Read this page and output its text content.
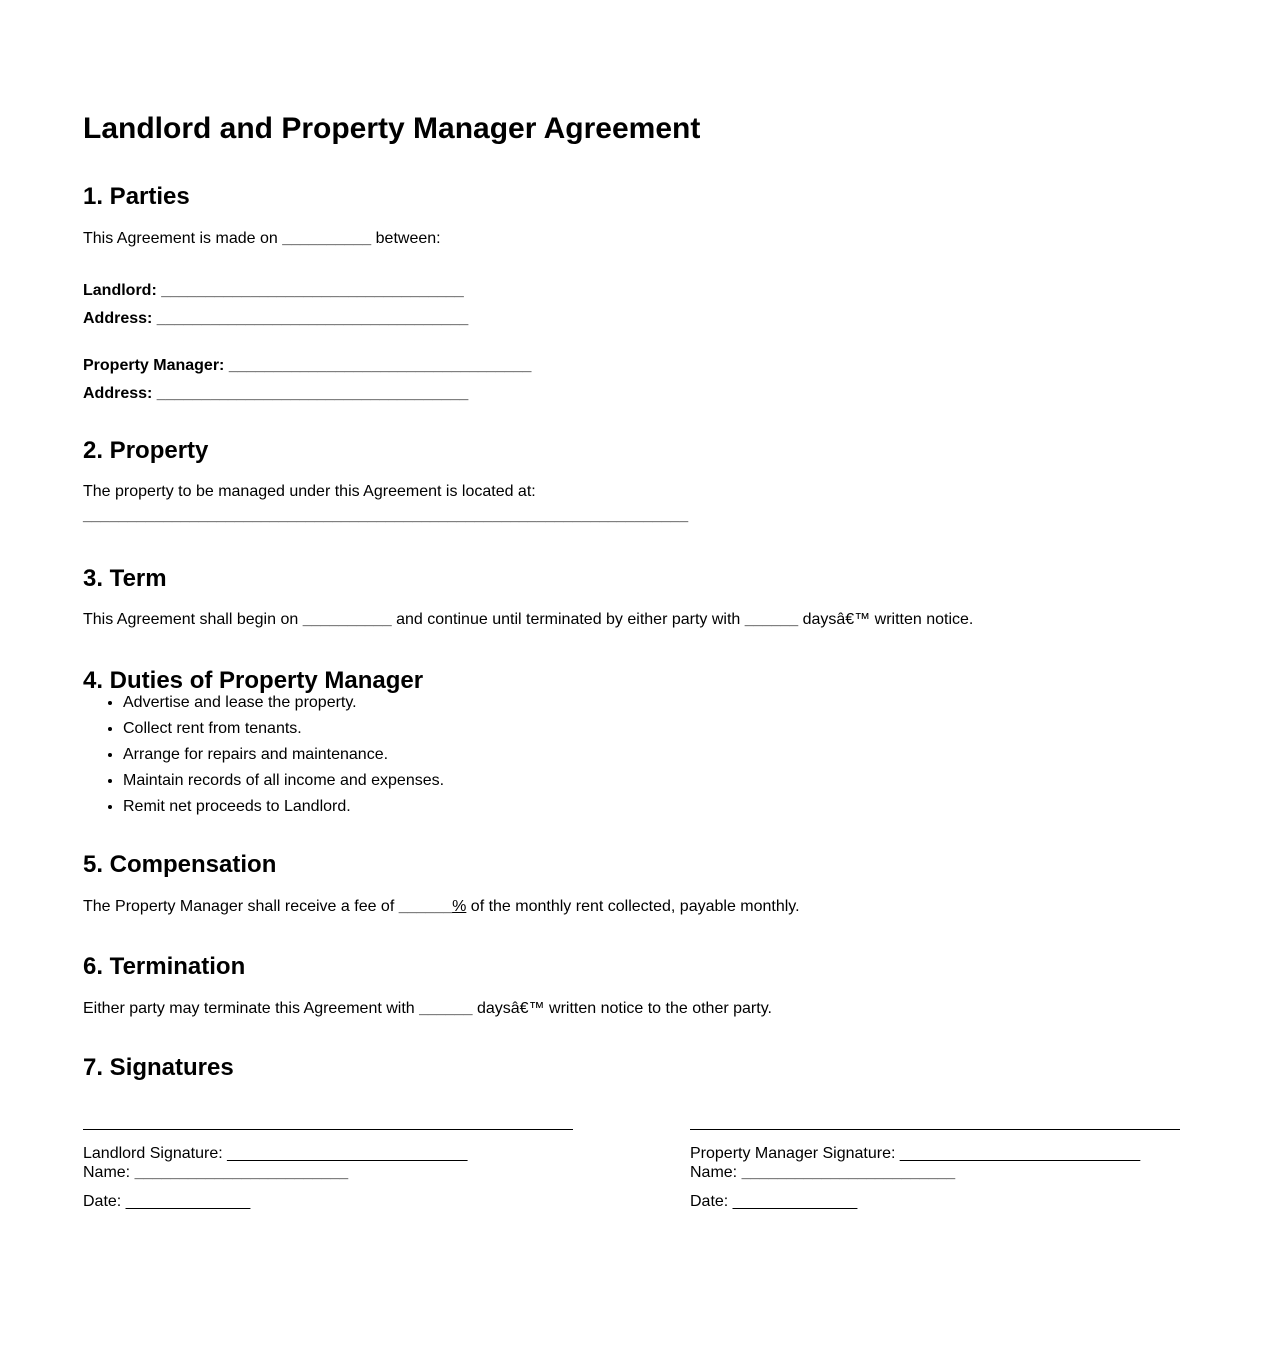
Landlord and Property Manager Agreement
1. Parties

This Agreement is made on __________ between:

Landlord: __________________________________
Address: ___________________________________

Property Manager: __________________________________
Address: ___________________________________

2. Property

The property to be managed under this Agreement is located at:

____________________________________________________________________

3. Term

This Agreement shall begin on __________ and continue until terminated by either party with ______ daysâ€™ written notice.

4. Duties of Property Manager
• Advertise and lease the property.
• Collect rent from tenants.
• Arrange for repairs and maintenance.
• Maintain records of all income and expenses.
• Remit net proceeds to Landlord.
5. Compensation

The Property Manager shall receive a fee of ______% of the monthly rent collected, payable monthly.

6. Termination

Either party may terminate this Agreement with ______ daysâ€™ written notice to the other party.

7. Signatures

Landlord Signature: ___________________________
Name: ________________________

Date: ______________

Property Manager Signature: ___________________________
Name: ________________________

Date: ______________
